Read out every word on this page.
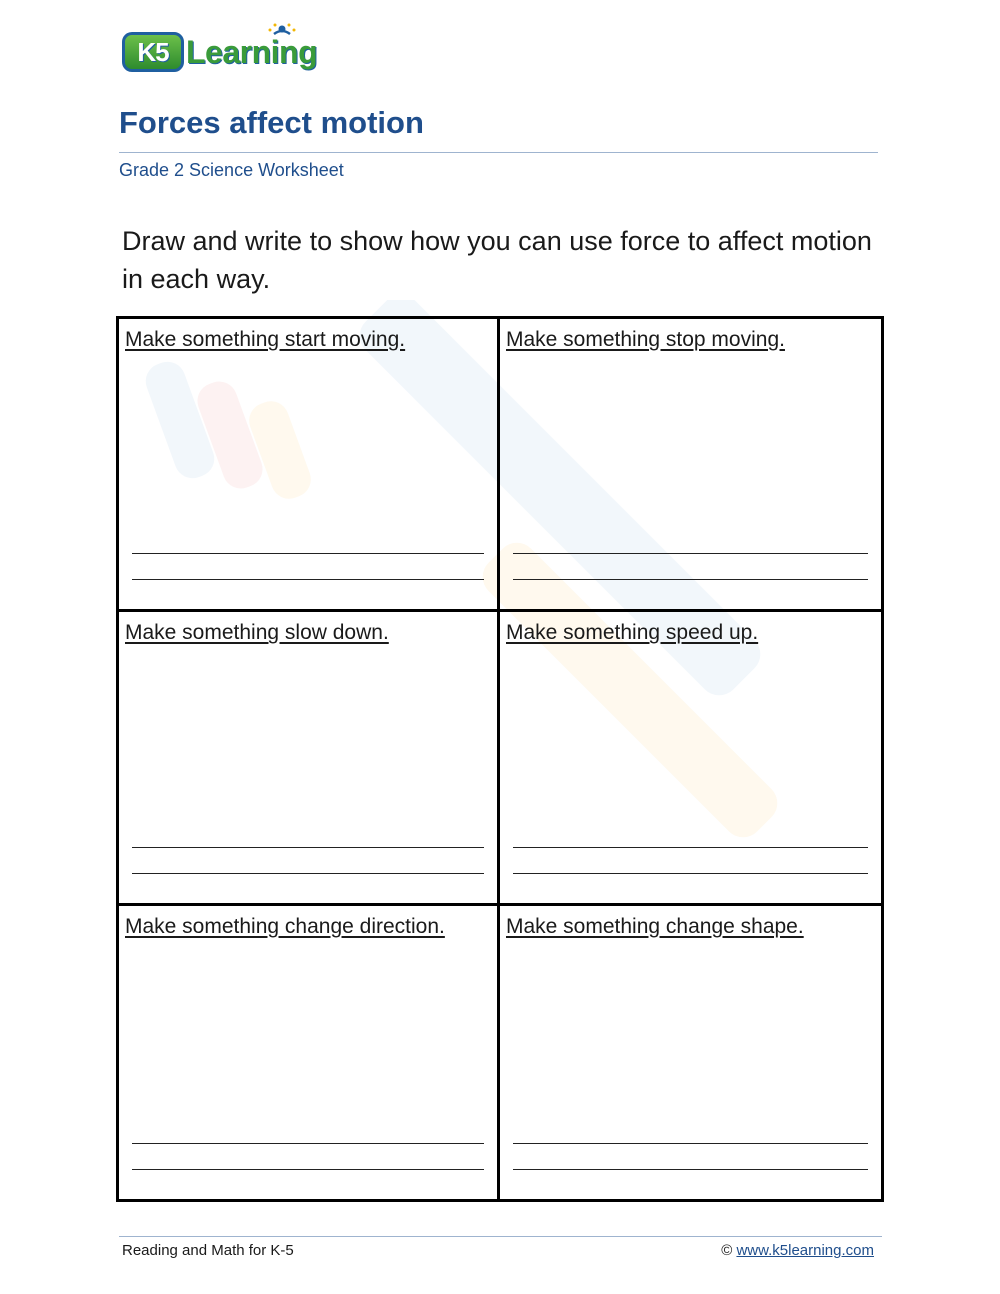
K5 Learning
Forces affect motion
Grade 2 Science Worksheet
Draw and write to show how you can use force to affect motion in each way.
Make something start moving.	Make something stop moving.
Make something slow down.	Make something speed up.
Make something change direction.	Make something change shape.
Reading and Math for K-5	© www.k5learning.com
